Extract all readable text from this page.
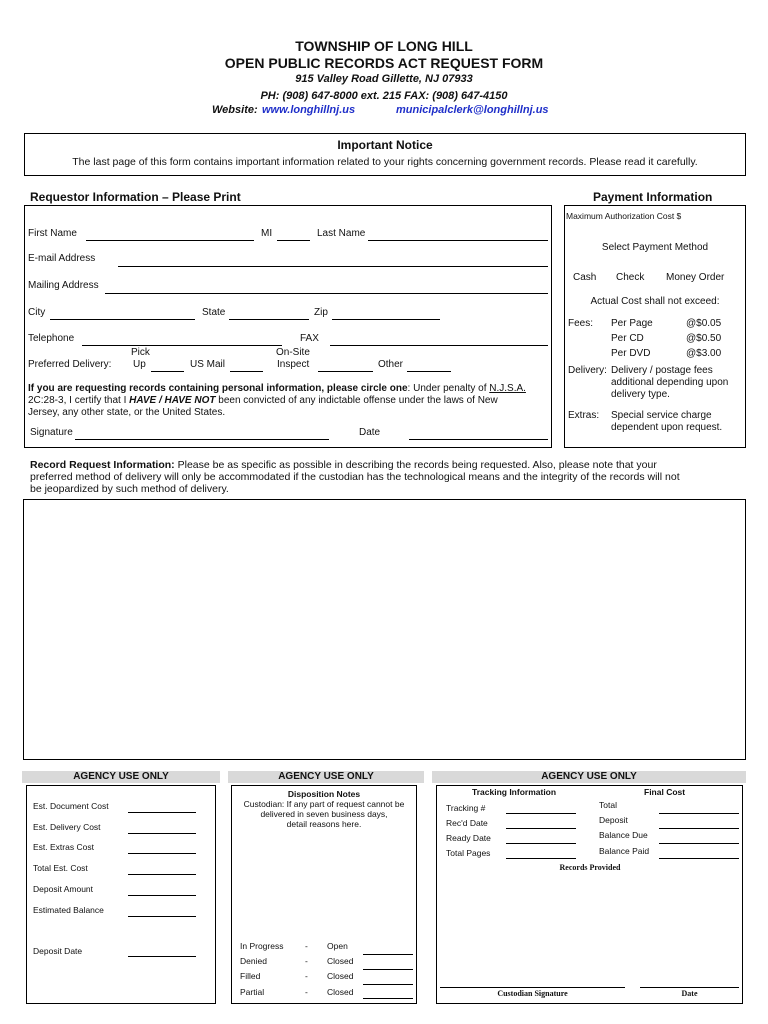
TOWNSHIP OF LONG HILL
OPEN PUBLIC RECORDS ACT REQUEST FORM
915 Valley Road Gillette, NJ 07933
PH: (908) 647-8000 ext. 215 FAX: (908) 647-4150
Website: www.longhillnj.us	municipalclerk@longhillnj.us
Important Notice
The last page of this form contains important information related to your rights concerning government records. Please read it carefully.
Requestor Information – Please Print
First Name	MI	Last Name
E-mail Address
Mailing Address
City	State	Zip
Telephone	FAX
Pick	On-Site
Preferred Delivery: Up	US Mail	Inspect	Other
If you are requesting records containing personal information, please circle one: Under penalty of N.J.S.A.
2C:28-3, I certify that I HAVE / HAVE NOT been convicted of any indictable offense under the laws of New
Jersey, any other state, or the United States.
Signature	Date
Payment Information
Maximum Authorization Cost $
Select Payment Method
Cash Check Money Order
Actual Cost shall not exceed:
Fees: Per Page	@$0.05
Per CD	@$0.50
Per DVD	@$3.00
Delivery: Delivery / postage fees
additional depending upon
delivery type.
Extras: Special service charge
dependent upon request.
Record Request Information: Please be as specific as possible in describing the records being requested. Also, please note that your
preferred method of delivery will only be accommodated if the custodian has the technological means and the integrity of the records will not
be jeopardized by such method of delivery.
AGENCY USE ONLY	AGENCY USE ONLY	AGENCY USE ONLY
Est. Document Cost
Est. Delivery Cost
Est. Extras Cost
Total Est. Cost
Deposit Amount
Estimated Balance
Deposit Date
Disposition Notes
Custodian: If any part of request cannot be
delivered in seven business days,
detail reasons here.
In Progress	- Open
Denied	- Closed
Filled	- Closed
Partial	- Closed
Tracking Information	Final Cost
Tracking #
Rec'd Date
Ready Date
Total Pages
Total
Deposit
Balance Due
Balance Paid
Records Provided
Custodian Signature	Date
